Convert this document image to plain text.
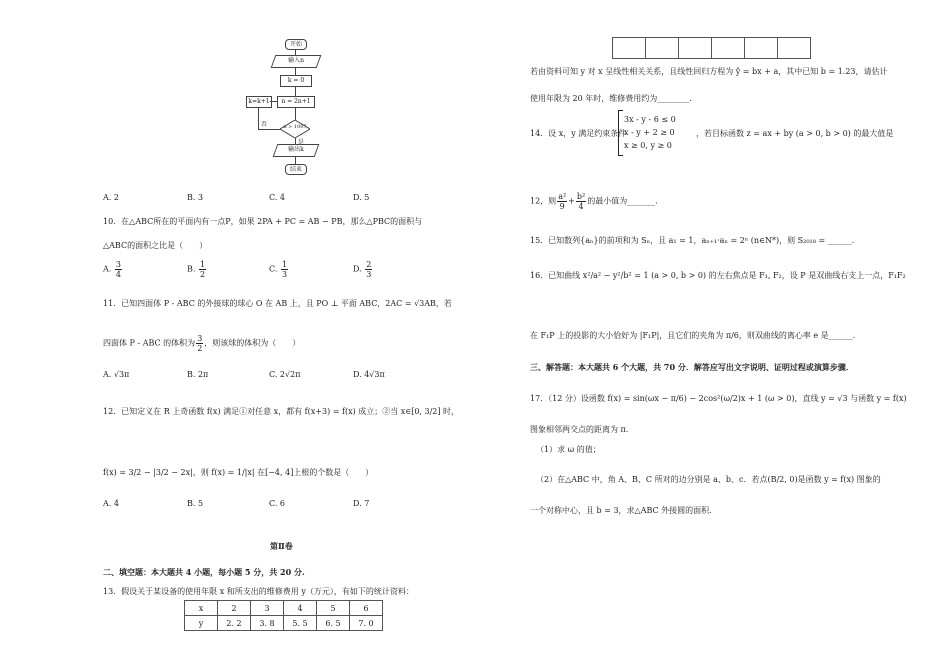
开始
输入n
k = 0
n = 2n+1
k=k+1
否	n > 1007
是
输出k
结束
A. 2	B. 3	C. 4	D. 5
10．在△ABC所在的平面内有一点P，如果 2PA + PC = AB − PB，那么△PBC的面积与
△ABC的面积之比是（　　）
A. $\frac{3}{4}$	B. $\frac{1}{2}$	C. $\frac{1}{3}$	D. $\frac{2}{3}$
11．已知四面体 P - ABC 的外接球的球心 O 在 AB 上，且 PO ⊥ 平面 ABC，2AC = √3AB，若
四面体 P - ABC 的体积为 $\frac{3}{2}$ ，则该球的体积为（　　）
A. √3π	B. 2π	C. 2√2π	D. 4√3π
12．已知定义在 R 上奇函数 f(x) 满足①对任意 x，都有 f(x+3) = f(x) 成立；②当 x∈[0, 3/2] 时，
f(x) = 3/2 − |3/2 − 2x|，则 f(x) = 1/|x| 在[−4, 4]上根的个数是（　　）
A. 4	B. 5	C. 6	D. 7
第Ⅱ卷
二、填空题：本大题共 4 小题，每小题 5 分，共 20 分.
13．假设关于某设备的使用年限 x 和所支出的维修费用 y（万元），有如下的统计资料：
x	2	3	4	5	6
y	2. 2	3. 8	5. 5	6. 5	7. 0

若由资料可知 y 对 x 呈线性相关关系，且线性回归方程为 ŷ = bx + a，其中已知 b = 1.23，请估计
使用年限为 20 年时，维修费用约为________.
14．设 x，y 满足约束条件
3x - y - 6 ≤ 0
x - y + 2 ≥ 0
x ≥ 0, y ≥ 0
，若目标函数 z = ax + by (a > 0, b > 0) 的最大值是
12，则 $\frac{\text{a²}}{9} + \frac{\text{b²}}{4}$ 的最小值为_______.
15．已知数列{aₙ}的前项和为 Sₙ，且 a₁ = 1，aₙ₊₁·aₙ = 2ⁿ (n∈N*)，则 S₂₀₁₈ = ______.
16．已知曲线 x²/a² − y²/b² = 1 (a > 0, b > 0) 的左右焦点是 F₁, F₂，设 P 是双曲线右支上一点，F₁F₂
在 F₁P 上的投影的大小恰好为 |F₁P|，且它们的夹角为 π/6，则双曲线的离心率 e 是______.
三、解答题：本大题共 6 个大题，共 70 分．解答应写出文字说明、证明过程或演算步骤．
17．（12 分）设函数 f(x) = sin(ωx − π/6) − 2cos²(ω/2)x + 1 (ω > 0)，直线 y = √3 与函数 y = f(x)
图象相邻两交点的距离为 π.
（1）求 ω 的值；
（2）在△ABC 中，角 A、B、C 所对的边分别是 a、b、c．若点(B/2, 0)是函数 y = f(x) 图象的
一个对称中心，且 b = 3，求△ABC 外接圆的面积.
